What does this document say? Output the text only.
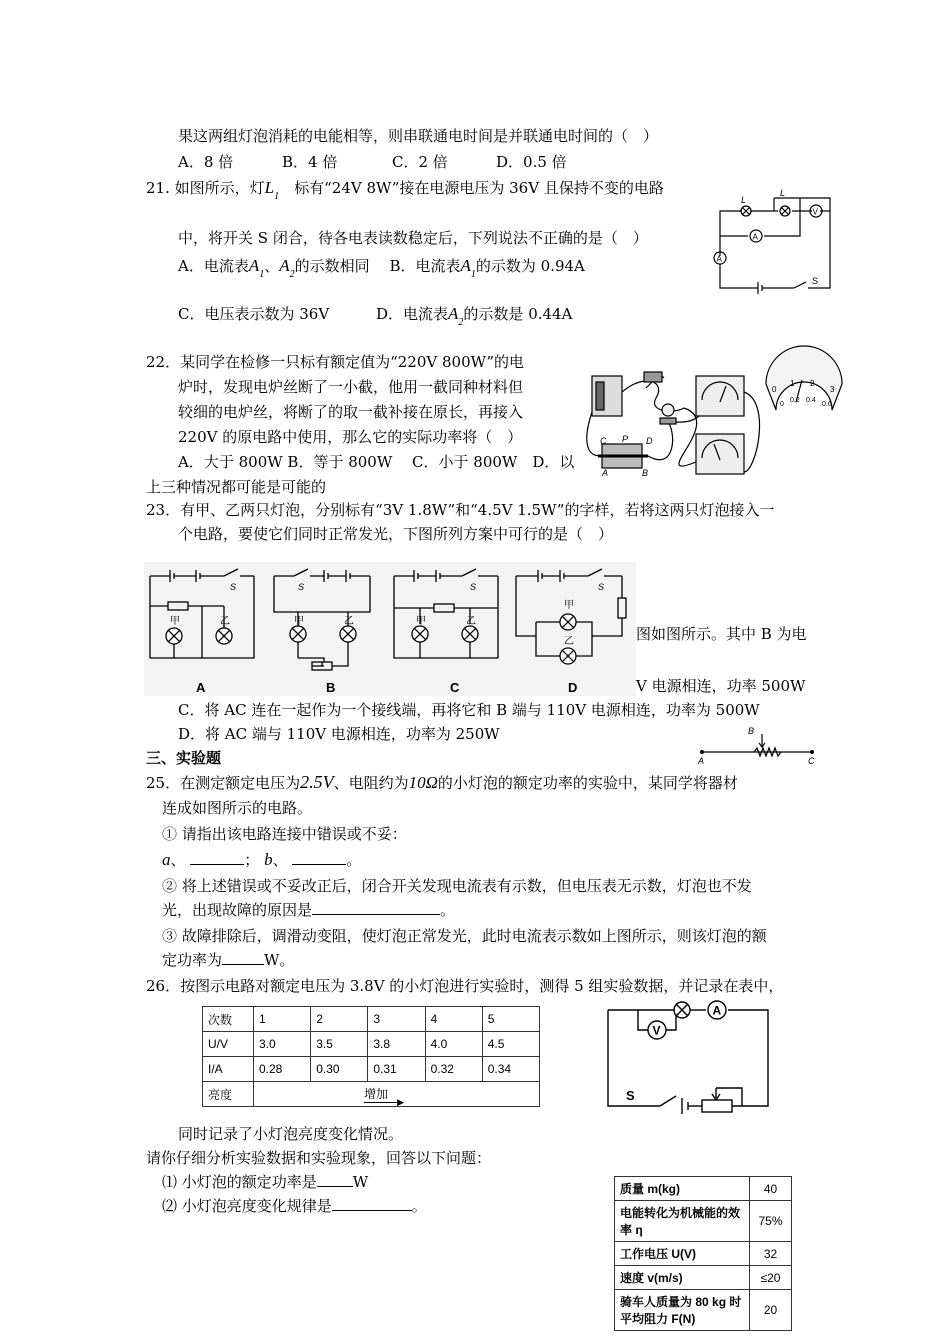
果这两组灯泡消耗的电能相等，则串联通电时间是并联通电时间的（　）
A．8 倍	B．4 倍	C．2 倍	D．0.5 倍
21. 如图所示，灯$L_1$　 标有“24V 8W”接在电源电压为 36V 且保持不变的电路
中，将开关 S 闭合，待各电表读数稳定后，下列说法不正确的是（　）
A．电流表$A_1$、$A_2$的示数相同 　 B．电流表$A_1$的示数为 0.94A
C．电压表示数为 36V	D．电流表$A_2$的示数是 0.44A
L
L
V
A
A
S
22．某同学在检修一只标有额定值为“220V 800W”的电
炉时，发现电炉丝断了一小截，他用一截同种材料但
较细的电炉丝，将断了的取一截补接在原长，再接入
220V 的原电路中使用，那么它的实际功率将（　）
A．大于 800W B．等于 800W　 C．小于 800W　D．以
上三种情况都可能是可能的
C P D
A	B
0
1 2
3
0
0.2 0.4
0.6
23．有甲、乙两只灯泡，分别标有“3V 1.8W”和“4.5V 1.5W”的字样，若将这两只灯泡接入一
个电路，要使它们同时正常发光，下图所列方案中可行的是（　）
甲	乙	甲	乙	甲	乙
甲
乙
S	S	S	S
A	B	C	D
图如图所示。其中 B 为电
V 电源相连，功率 500W
C．将 AC 连在一起作为一个接线端，再将它和 B 端与 110V 电源相连，功率为 500W
D．将 AC 端与 110V 电源相连，功率为 250W	B
A	C
三、实验题
25．在测定额定电压为2.5V、电阻约为10Ω的小灯泡的额定功率的实验中，某同学将器材
连成如图所示的电路。
① 请指出该电路连接中错误或不妥：
a、	； b、	。
② 将上述错误或不妥改正后，闭合开关发现电流表有示数，但电压表无示数，灯泡也不发
光，出现故障的原因是	。
③ 故障排除后，调滑动变阻，使灯泡正常发光，此时电流表示数如上图所示，则该灯泡的额
定功率为	W。
26．按图示电路对额定电压为 3.8V 的小灯泡进行实验时，测得 5 组实验数据，并记录在表中，
次数	1	2	3	4	5
U/V	3.0	3.5	3.8	4.0	4.5
I/A	0.28	0.30	0.31	0.32	0.34
亮度	增加
▶				
A
V
S
同时记录了小灯泡亮度变化情况。
请你仔细分析实验数据和实验现象，回答以下问题：
⑴ 小灯泡的额定功率是 W
⑵ 小灯泡亮度变化规律是	。
质量 m(kg)	40
电能转化为机械能的效率 η	75%
工作电压 U(V)	32
速度 v(m/s)	≤20
骑车人质量为 80 kg 时平均阻力 F(N)	20
